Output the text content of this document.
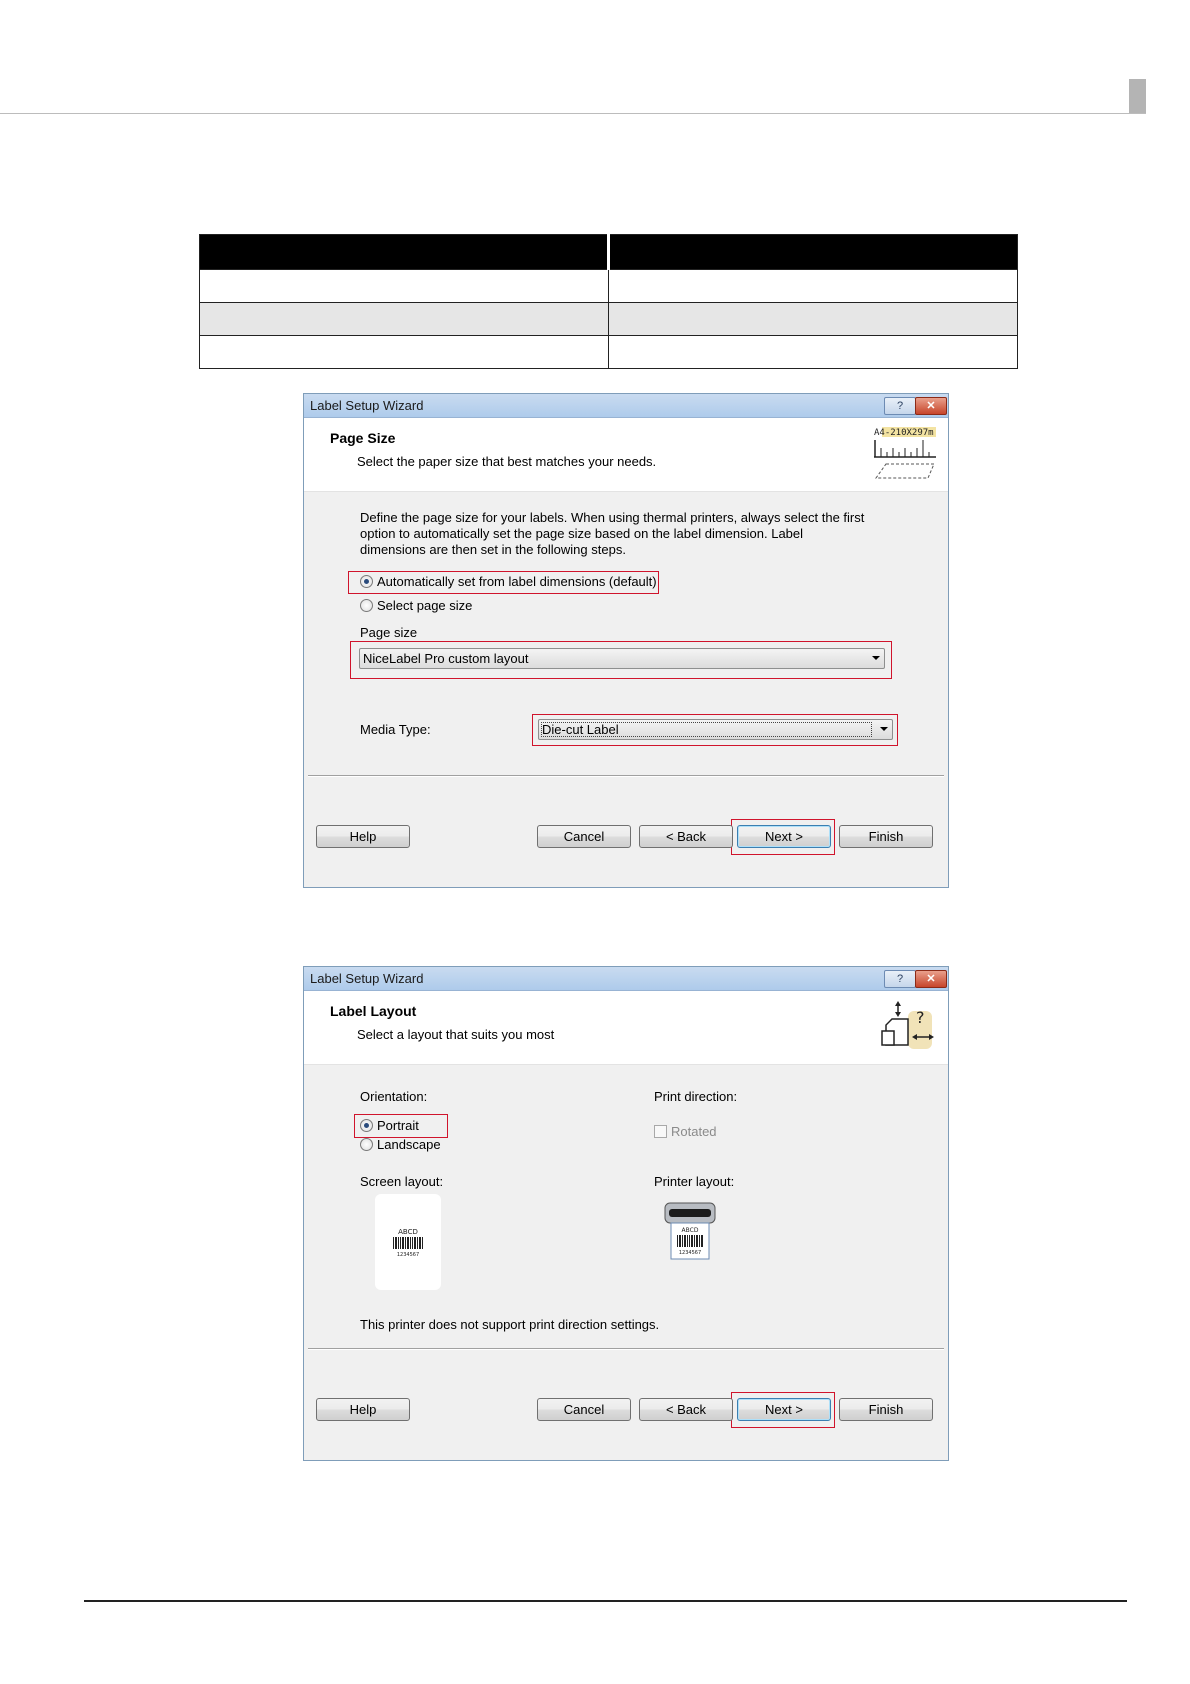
Label Setup Wizard	?	✕
Page Size
Select the paper size that best matches your needs.
A4-210X297m
Define the page size for your labels. When using thermal printers, always select the first option to automatically set the page size based on the label dimension. Label dimensions are then set in the following steps.
Automatically set from label dimensions (default)
Select page size
Page size
NiceLabel Pro custom layout
Media Type:	Die-cut Label
Help	Cancel	< Back	Next >	Finish
Label Setup Wizard	?	✕
Label Layout
Select a layout that suits you most
?
Orientation:
Portrait
Landscape
Print direction:
Rotated
Screen layout:
ABCD
1234567
Printer layout:
ABCD
1234567
This printer does not support print direction settings.
Help	Cancel	< Back	Next >	Finish
